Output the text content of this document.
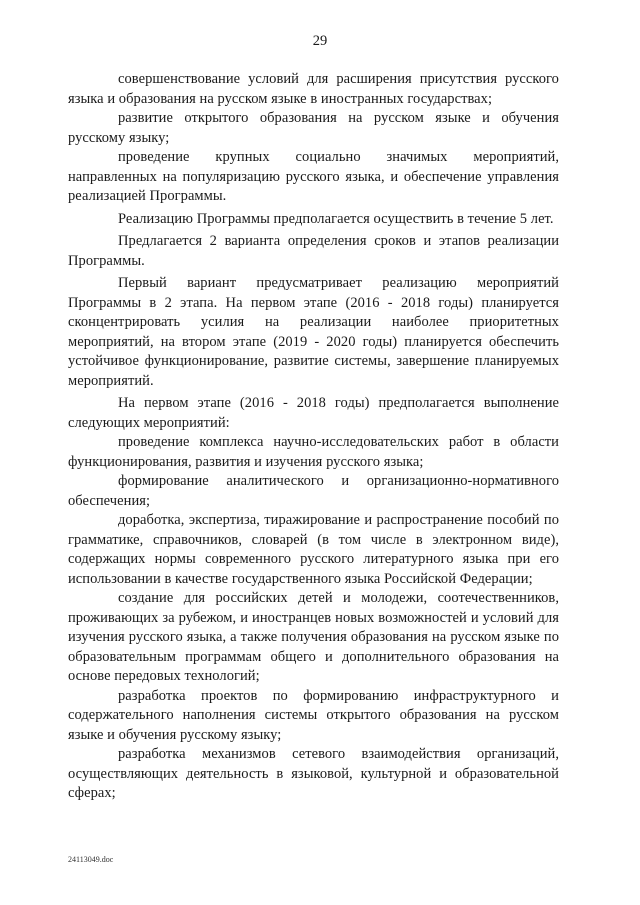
29

совершенствование условий для расширения присутствия русского языка и образования на русском языке в иностранных государствах;

развитие открытого образования на русском языке и обучения русскому языку;

проведение крупных социально значимых мероприятий, направленных на популяризацию русского языка, и обеспечение управления реализацией Программы.

Реализацию Программы предполагается осуществить в течение 5 лет.

Предлагается 2 варианта определения сроков и этапов реализации Программы.

Первый вариант предусматривает реализацию мероприятий Программы в 2 этапа. На первом этапе (2016 - 2018 годы) планируется сконцентрировать усилия на реализации наиболее приоритетных мероприятий, на втором этапе (2019 - 2020 годы) планируется обеспечить устойчивое функционирование, развитие системы, завершение планируемых мероприятий.

На первом этапе (2016 - 2018 годы) предполагается выполнение следующих мероприятий:

проведение комплекса научно-исследовательских работ в области функционирования, развития и изучения русского языка;

формирование аналитического и организационно-нормативного обеспечения;

доработка, экспертиза, тиражирование и распространение пособий по грамматике, справочников, словарей (в том числе в электронном виде), содержащих нормы современного русского литературного языка при его использовании в качестве государственного языка Российской Федерации;

создание для российских детей и молодежи, соотечественников, проживающих за рубежом, и иностранцев новых возможностей и условий для изучения русского языка, а также получения образования на русском языке по образовательным программам общего и дополнительного образования на основе передовых технологий;

разработка проектов по формированию инфраструктурного и содержательного наполнения системы открытого образования на русском языке и обучения русскому языку;

разработка механизмов сетевого взаимодействия организаций, осуществляющих деятельность в языковой, культурной и образовательной сферах;

24113049.doc
